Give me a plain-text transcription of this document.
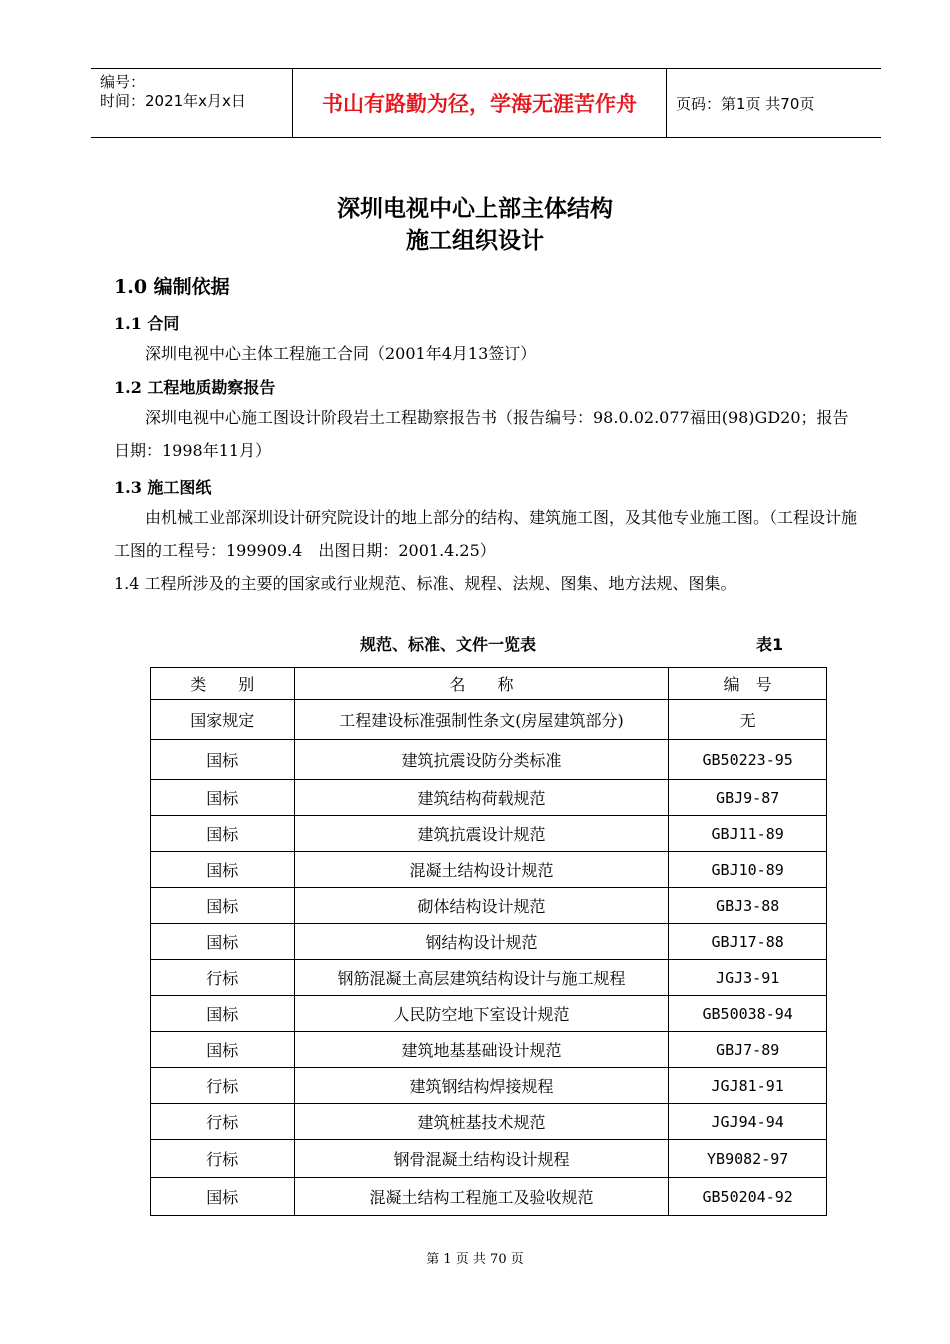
编号：
时间：2021年x月x日	书山有路勤为径，学海无涯苦作舟	页码：第1页 共70页
深圳电视中心上部主体结构
施工组织设计
1.0 编制依据
1.1 合同
深圳电视中心主体工程施工合同（2001年4月13签订）
1.2 工程地质勘察报告
深圳电视中心施工图设计阶段岩土工程勘察报告书（报告编号：98.0.02.077福田(98)GD20；报告日期：1998年11月）
1.3 施工图纸
由机械工业部深圳设计研究院设计的地上部分的结构、建筑施工图，及其他专业施工图。（工程设计施工图的工程号：199909.4　出图日期：2001.4.25）
1.4 工程所涉及的主要的国家或行业规范、标准、规程、法规、图集、地方法规、图集。
规范、标准、文件一览表	表1
类　　别	名　　称	编　号
国家规定	工程建设标准强制性条文(房屋建筑部分)	无
国标	建筑抗震设防分类标准	GB50223-95
国标	建筑结构荷载规范	GBJ9-87
国标	建筑抗震设计规范	GBJ11-89
国标	混凝土结构设计规范	GBJ10-89
国标	砌体结构设计规范	GBJ3-88
国标	钢结构设计规范	GBJ17-88
行标	钢筋混凝土高层建筑结构设计与施工规程	JGJ3-91
国标	人民防空地下室设计规范	GB50038-94
国标	建筑地基基础设计规范	GBJ7-89
行标	建筑钢结构焊接规程	JGJ81-91
行标	建筑桩基技术规范	JGJ94-94
行标	钢骨混凝土结构设计规程	YB9082-97
国标	混凝土结构工程施工及验收规范	GB50204-92
第 1 页 共 70 页
